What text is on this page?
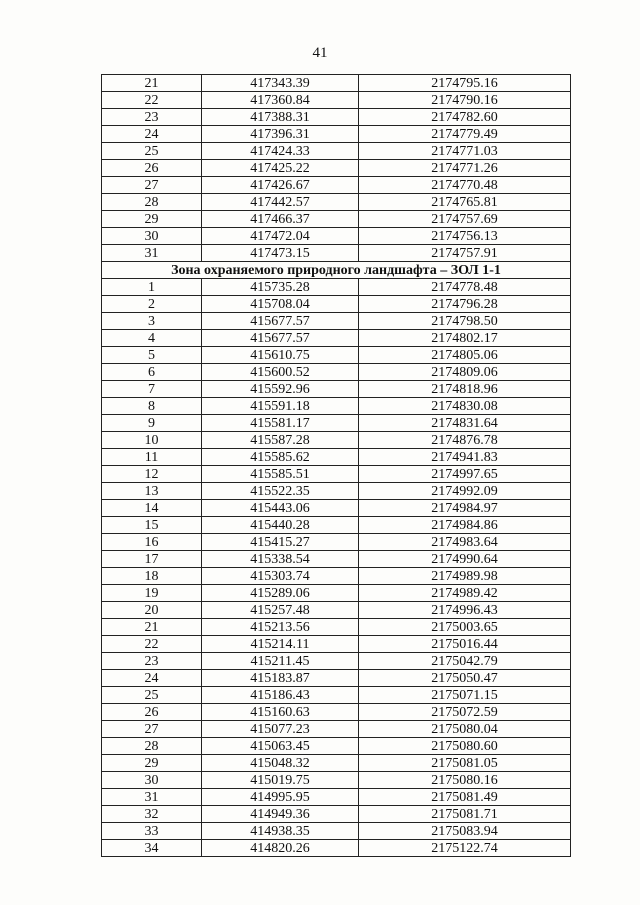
41
21	417343.39	2174795.16
22	417360.84	2174790.16
23	417388.31	2174782.60
24	417396.31	2174779.49
25	417424.33	2174771.03
26	417425.22	2174771.26
27	417426.67	2174770.48
28	417442.57	2174765.81
29	417466.37	2174757.69
30	417472.04	2174756.13
31	417473.15	2174757.91
Зона охраняемого природного ландшафта – ЗОЛ 1-1		
1	415735.28	2174778.48
2	415708.04	2174796.28
3	415677.57	2174798.50
4	415677.57	2174802.17
5	415610.75	2174805.06
6	415600.52	2174809.06
7	415592.96	2174818.96
8	415591.18	2174830.08
9	415581.17	2174831.64
10	415587.28	2174876.78
11	415585.62	2174941.83
12	415585.51	2174997.65
13	415522.35	2174992.09
14	415443.06	2174984.97
15	415440.28	2174984.86
16	415415.27	2174983.64
17	415338.54	2174990.64
18	415303.74	2174989.98
19	415289.06	2174989.42
20	415257.48	2174996.43
21	415213.56	2175003.65
22	415214.11	2175016.44
23	415211.45	2175042.79
24	415183.87	2175050.47
25	415186.43	2175071.15
26	415160.63	2175072.59
27	415077.23	2175080.04
28	415063.45	2175080.60
29	415048.32	2175081.05
30	415019.75	2175080.16
31	414995.95	2175081.49
32	414949.36	2175081.71
33	414938.35	2175083.94
34	414820.26	2175122.74
